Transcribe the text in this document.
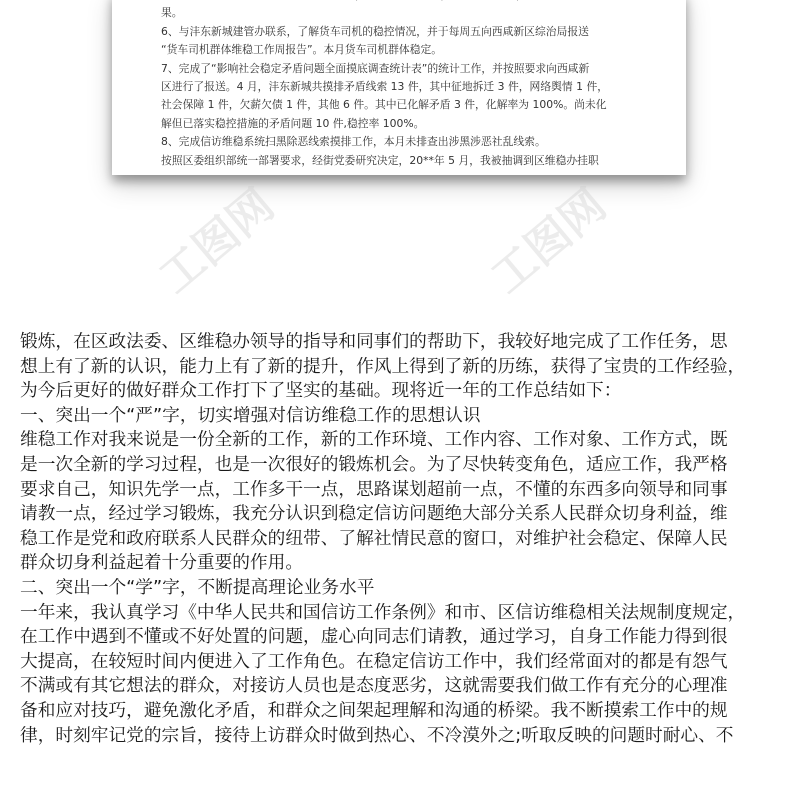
果。

6、与沣东新城建管办联系，了解货车司机的稳控情况，并于每周五向西咸新区综治局报送

“货车司机群体维稳工作周报告”。本月货车司机群体稳定。

7、完成了“影响社会稳定矛盾问题全面摸底调查统计表”的统计工作，并按照要求向西咸新

区进行了报送。4 月，沣东新城共摸排矛盾线索 13 件，其中征地拆迁 3 件，网络舆情 1 件，

社会保障 1 件，欠薪欠债 1 件，其他 6 件。其中已化解矛盾 3 件，化解率为 100%。尚未化

解但已落实稳控措施的矛盾问题 10 件,稳控率 100%。

8、完成信访维稳系统扫黑除恶线索摸排工作，本月未排查出涉黑涉恶社乱线索。

按照区委组织部统一部署要求，经街党委研究决定，20**年 5 月，我被抽调到区维稳办挂职

工图网	工图网

锻炼，在区政法委、区维稳办领导的指导和同事们的帮助下，我较好地完成了工作任务，思

想上有了新的认识，能力上有了新的提升，作风上得到了新的历练，获得了宝贵的工作经验，

为今后更好的做好群众工作打下了坚实的基础。现将近一年的工作总结如下：

一、突出一个“严”字，切实增强对信访维稳工作的思想认识

维稳工作对我来说是一份全新的工作，新的工作环境、工作内容、工作对象、工作方式，既

是一次全新的学习过程，也是一次很好的锻炼机会。为了尽快转变角色，适应工作，我严格

要求自己，知识先学一点，工作多干一点，思路谋划超前一点，不懂的东西多向领导和同事

请教一点，经过学习锻炼，我充分认识到稳定信访问题绝大部分关系人民群众切身利益，维

稳工作是党和政府联系人民群众的纽带、了解社情民意的窗口，对维护社会稳定、保障人民

群众切身利益起着十分重要的作用。

二、突出一个“学”字，不断提高理论业务水平

一年来，我认真学习《中华人民共和国信访工作条例》和市、区信访维稳相关法规制度规定，

在工作中遇到不懂或不好处置的问题，虚心向同志们请教，通过学习，自身工作能力得到很

大提高，在较短时间内便进入了工作角色。在稳定信访工作中，我们经常面对的都是有怨气

不满或有其它想法的群众，对接访人员也是态度恶劣，这就需要我们做工作有充分的心理准

备和应对技巧，避免激化矛盾，和群众之间架起理解和沟通的桥梁。我不断摸索工作中的规

律，时刻牢记党的宗旨，接待上访群众时做到热心、不冷漠外之;听取反映的问题时耐心、不
